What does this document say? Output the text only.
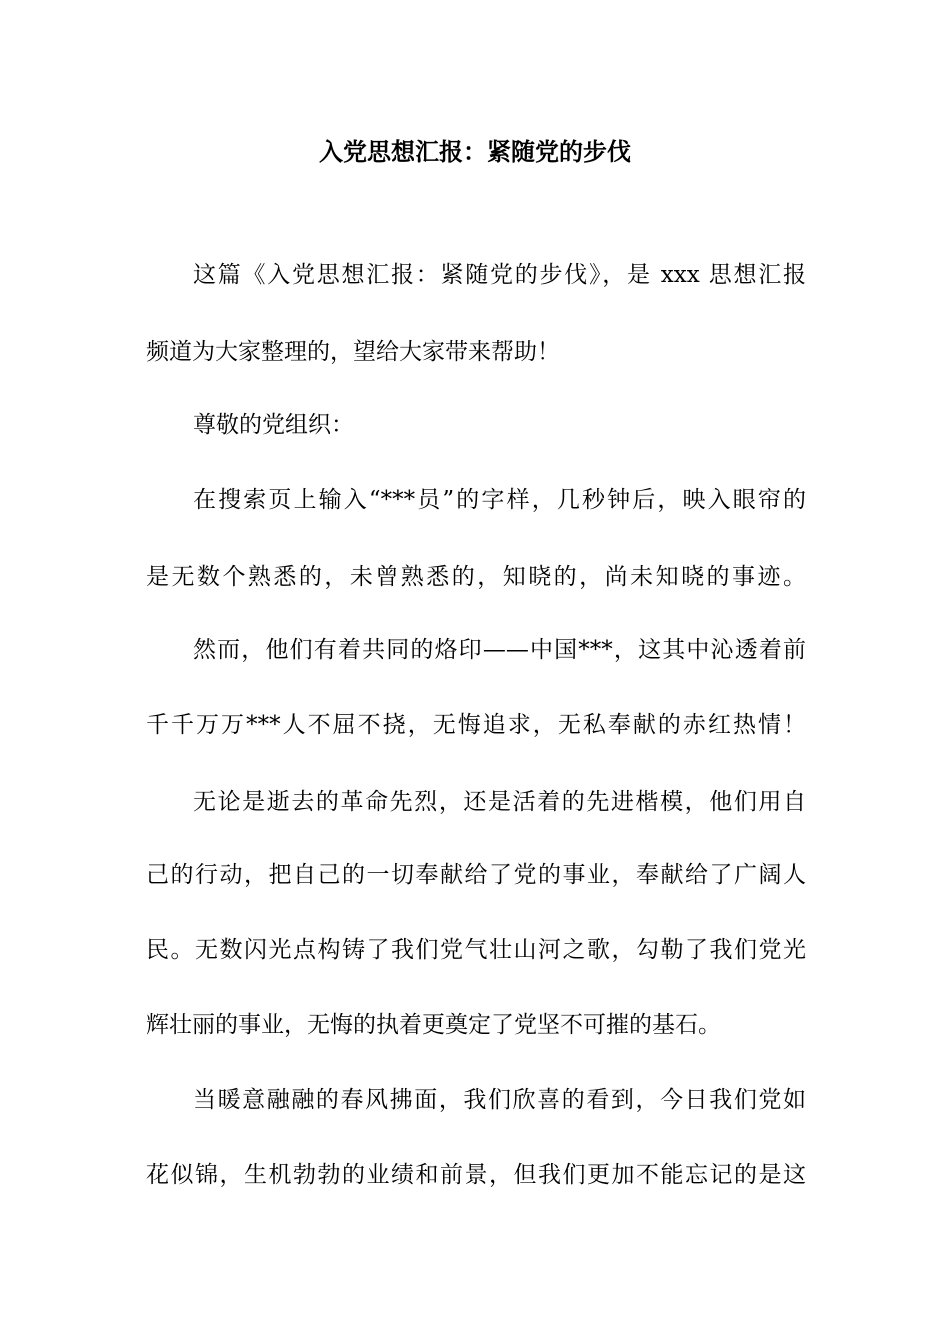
入党思想汇报：紧随党的步伐
这篇《入党思想汇报：紧随党的步伐》，是 xxx 思想汇报
频道为大家整理的，望给大家带来帮助！
尊敬的党组织：
在搜索页上输入“***员”的字样，几秒钟后，映入眼帘的
是无数个熟悉的，未曾熟悉的，知晓的，尚未知晓的事迹。
然而，他们有着共同的烙印——中国***，这其中沁透着前
千千万万***人不屈不挠，无悔追求，无私奉献的赤红热情！
无论是逝去的革命先烈，还是活着的先进楷模，他们用自
己的行动，把自己的一切奉献给了党的事业，奉献给了广阔人
民。无数闪光点构铸了我们党气壮山河之歌，勾勒了我们党光
辉壮丽的事业，无悔的执着更奠定了党坚不可摧的基石。
当暖意融融的春风拂面，我们欣喜的看到，今日我们党如
花似锦，生机勃勃的业绩和前景，但我们更加不能忘记的是这
